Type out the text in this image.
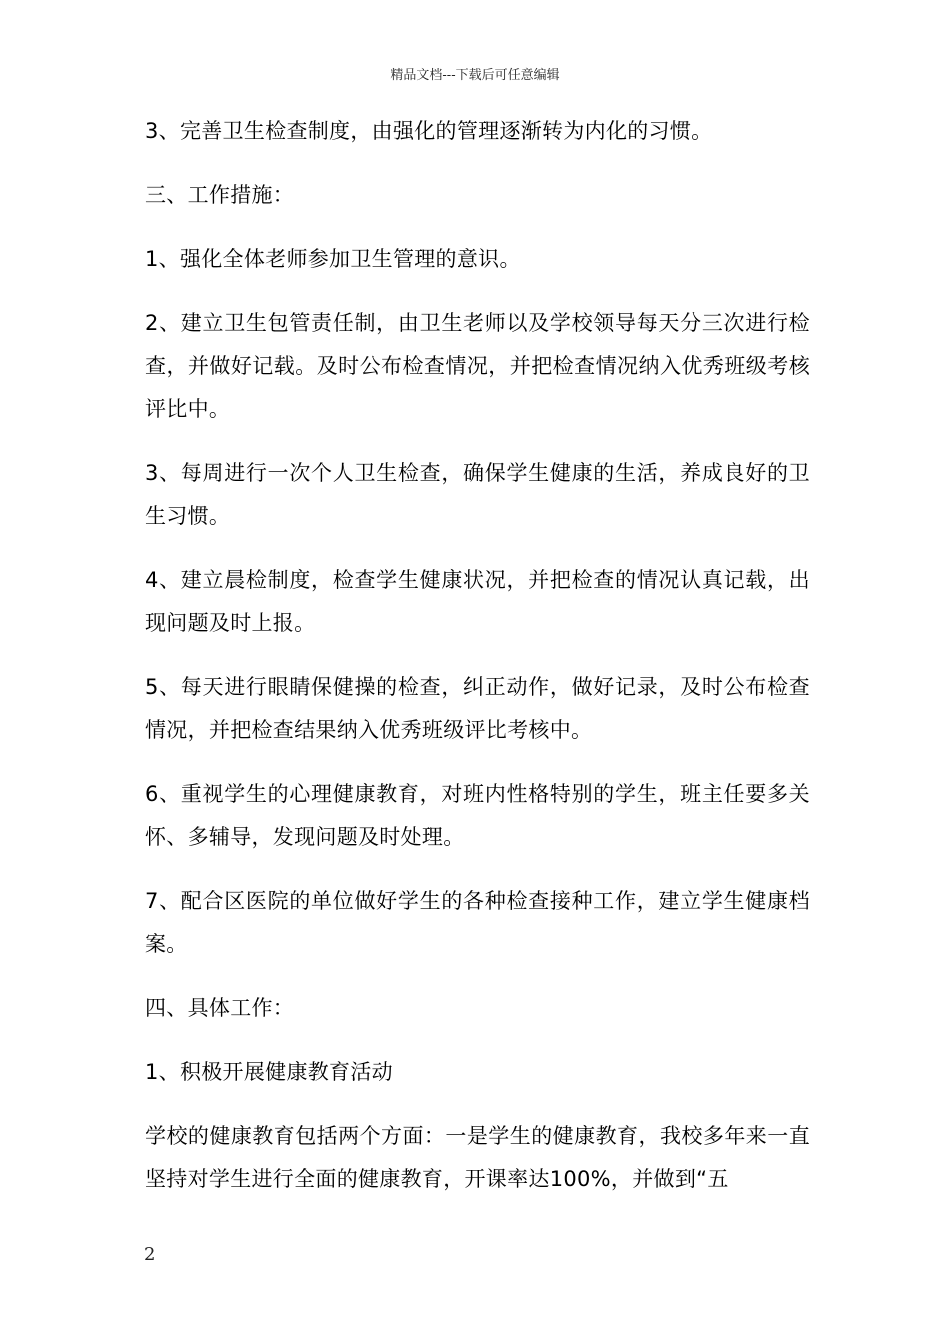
精品文档---下载后可任意编辑

3、完善卫生检查制度，由强化的管理逐渐转为内化的习惯。

三、工作措施：

1、强化全体老师参加卫生管理的意识。

2、建立卫生包管责任制，由卫生老师以及学校领导每天分三次进行检查，并做好记载。及时公布检查情况，并把检查情况纳入优秀班级考核评比中。

3、每周进行一次个人卫生检查，确保学生健康的生活，养成良好的卫生习惯。

4、建立晨检制度，检查学生健康状况，并把检查的情况认真记载，出现问题及时上报。

5、每天进行眼睛保健操的检查，纠正动作，做好记录，及时公布检查情况，并把检查结果纳入优秀班级评比考核中。

6、重视学生的心理健康教育，对班内性格特别的学生，班主任要多关怀、多辅导，发现问题及时处理。

7、配合区医院的单位做好学生的各种检查接种工作，建立学生健康档案。

四、具体工作：

1、积极开展健康教育活动

学校的健康教育包括两个方面：一是学生的健康教育，我校多年来一直坚持对学生进行全面的健康教育，开课率达100%，并做到“五

2
